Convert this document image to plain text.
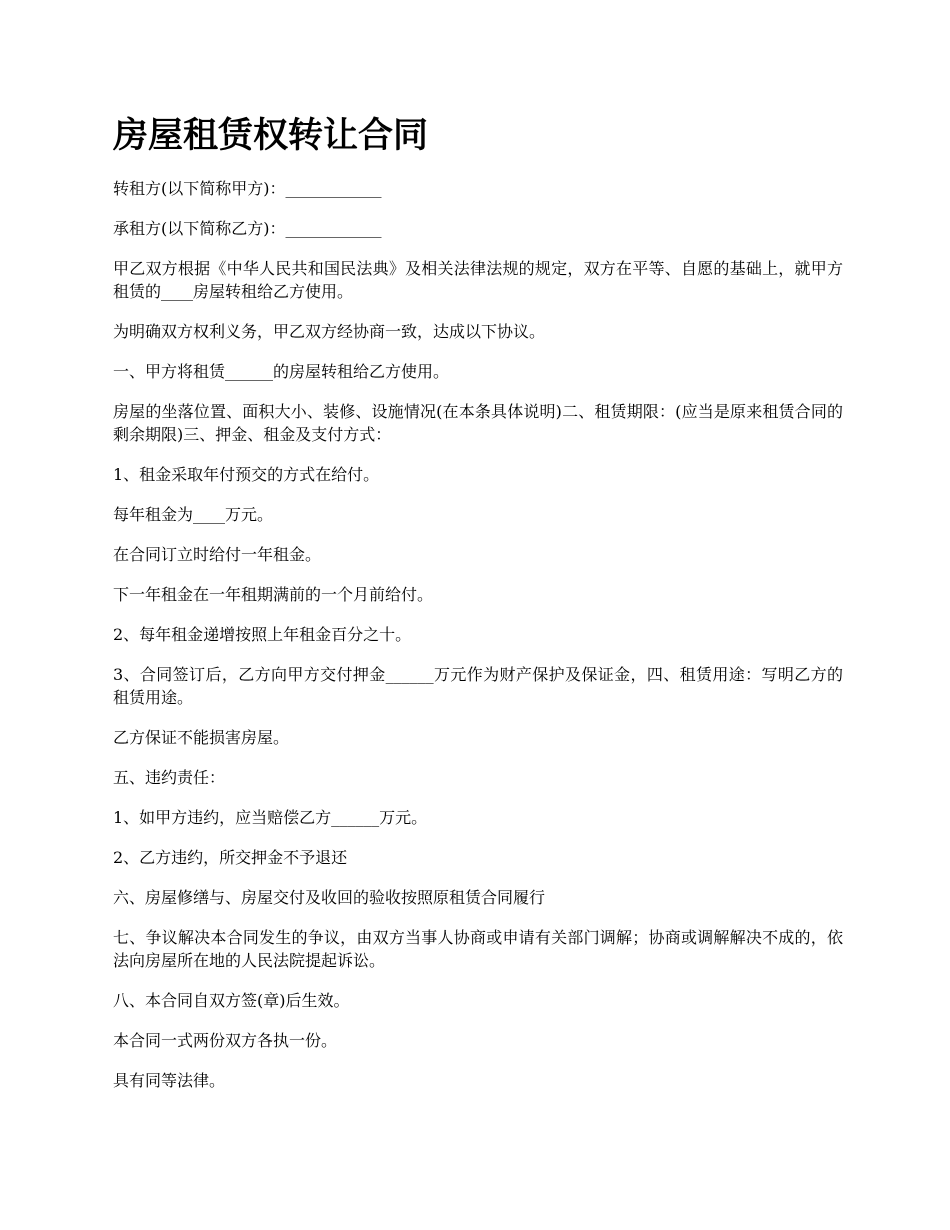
房屋租赁权转让合同

转租方(以下简称甲方)：____________

承租方(以下简称乙方)：____________

甲乙双方根据《中华人民共和国民法典》及相关法律法规的规定，双方在平等、自愿的基础上，就甲方租赁的____房屋转租给乙方使用。

为明确双方权利义务，甲乙双方经协商一致，达成以下协议。

一、甲方将租赁______的房屋转租给乙方使用。

房屋的坐落位置、面积大小、装修、设施情况(在本条具体说明)二、租赁期限：(应当是原来租赁合同的剩余期限)三、押金、租金及支付方式：

1、租金采取年付预交的方式在给付。

每年租金为____万元。

在合同订立时给付一年租金。

下一年租金在一年租期满前的一个月前给付。

2、每年租金递增按照上年租金百分之十。

3、合同签订后，乙方向甲方交付押金______万元作为财产保护及保证金，四、租赁用途：写明乙方的租赁用途。

乙方保证不能损害房屋。

五、违约责任：

1、如甲方违约，应当赔偿乙方______万元。

2、乙方违约，所交押金不予退还

六、房屋修缮与、房屋交付及收回的验收按照原租赁合同履行

七、争议解决本合同发生的争议，由双方当事人协商或申请有关部门调解；协商或调解解决不成的，依法向房屋所在地的人民法院提起诉讼。

八、本合同自双方签(章)后生效。

本合同一式两份双方各执一份。

具有同等法律。
